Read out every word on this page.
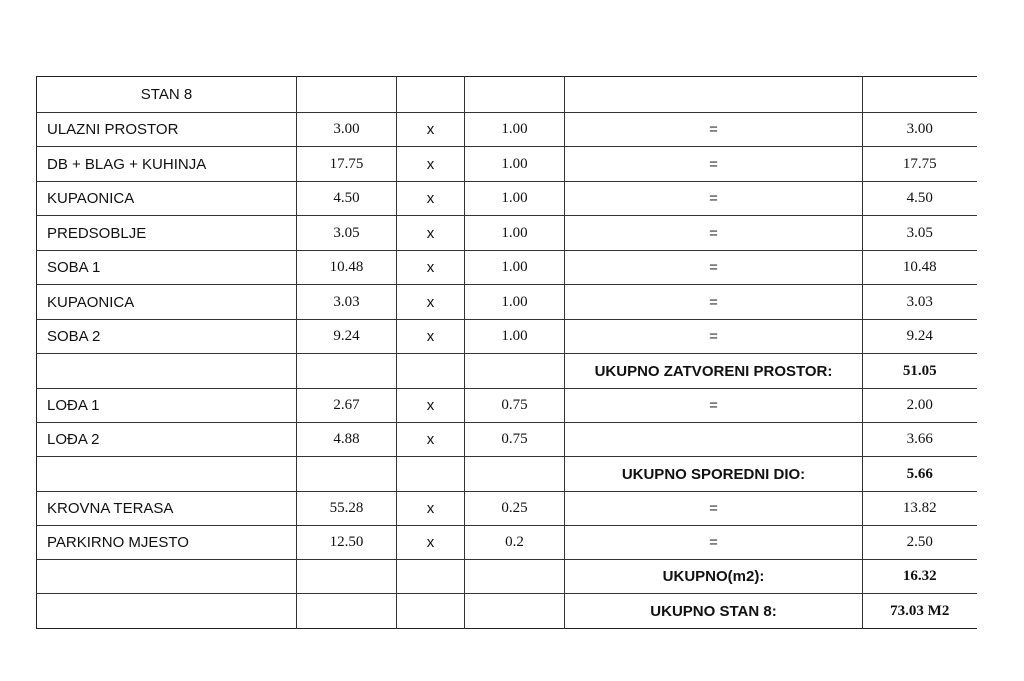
STAN 8					
ULAZNI PROSTOR	3.00	x	1.00	=	3.00
DB + BLAG + KUHINJA	17.75	x	1.00	=	17.75
KUPAONICA	4.50	x	1.00	=	4.50
PREDSOBLJE	3.05	x	1.00	=	3.05
SOBA 1	10.48	x	1.00	=	10.48
KUPAONICA	3.03	x	1.00	=	3.03
SOBA 2	9.24	x	1.00	=	9.24
				UKUPNO ZATVORENI PROSTOR:	51.05
LOĐA 1	2.67	x	0.75	=	2.00
LOĐA 2	4.88	x	0.75		3.66
				UKUPNO SPOREDNI DIO:	5.66
KROVNA TERASA	55.28	x	0.25	=	13.82
PARKIRNO MJESTO	12.50	x	0.2	=	2.50
				UKUPNO(m2):	16.32
				UKUPNO STAN 8:	73.03 M2
